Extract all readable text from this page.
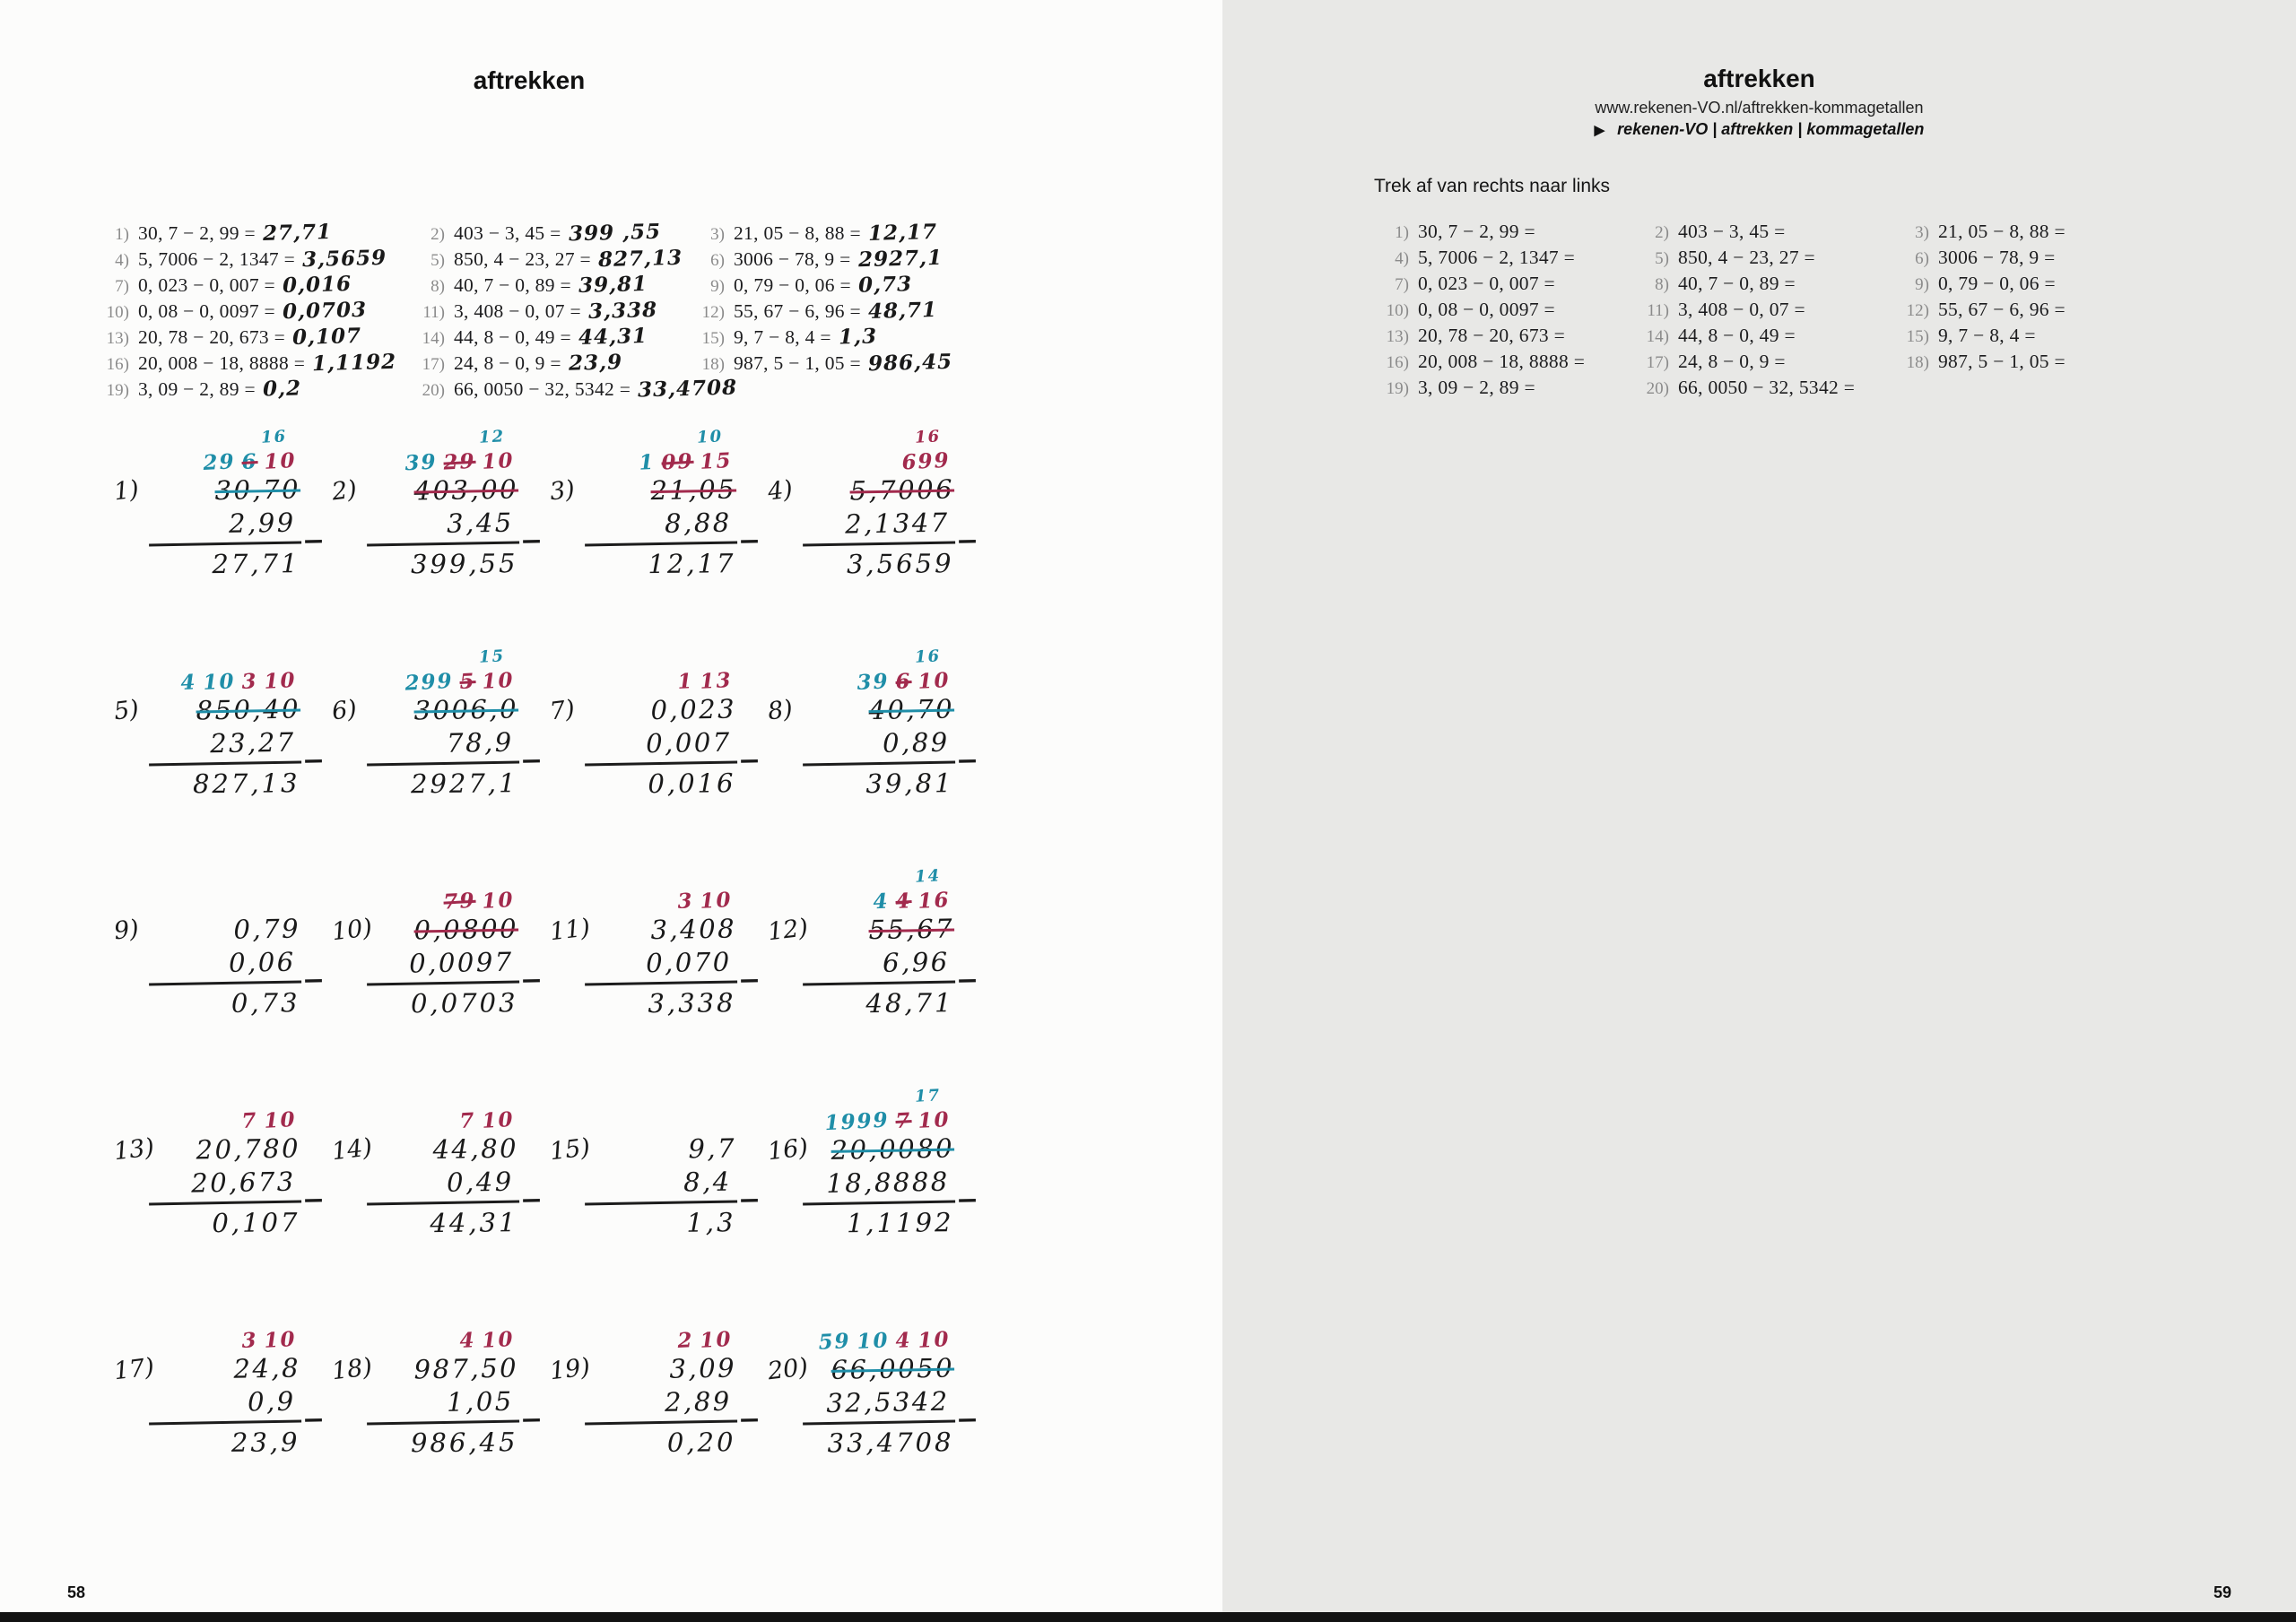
aftrekken
1) 30, 7 − 2, 99 = 27,71	2) 403 − 3, 45 = 399 ,55	3) 21, 05 − 8, 88 = 12,17
4) 5, 7006 − 2, 1347 = 3,5659	5) 850, 4 − 23, 27 = 827,13	6) 3006 − 78, 9 = 2927,1
7) 0, 023 − 0, 007 = 0,016	8) 40, 7 − 0, 89 = 39,81	9) 0, 79 − 0, 06 = 0,73
10) 0, 08 − 0, 0097 = 0,0703	11) 3, 408 − 0, 07 = 3,338	12) 55, 67 − 6, 96 = 48,71
13) 20, 78 − 20, 673 = 0,107	14) 44, 8 − 0, 49 = 44,31	15) 9, 7 − 8, 4 = 1,3
16) 20, 008 − 18, 8888 = 1,1192	17) 24, 8 − 0, 9 = 23,9	18) 987, 5 − 1, 05 = 986,45
19) 3, 09 − 2, 89 = 0,2	20) 66, 0050 − 32, 5342 = 33,4708
1)
16
29 6 10
30,70
2,99
−
27,71
2)
12
39 29 10
403,00
3,45
−
399,55
3)
10
1 09 15
21,05
8,88
−
12,17
4)
16
699
5,7006
2,1347
−
3,5659
5)
4 10 3 10
850,40
23,27
−
827,13
6)
15
299 5 10
3006,0
78,9
−
2927,1
7)
1 13
0,023
0,007
−
0,016
8)
16
39 6 10
40,70
0,89
−
39,81
9)	0,79
0,06
−
0,73
10)
79 10
0,0800
0,0097
−
0,0703
11)
3 10
3,408
0,070
−
3,338
12)
14
4 4 16
55,67
6,96
−
48,71
13)
7 10
20,780
20,673
−
0,107
14)
7 10
44,80
0,49
−
44,31
15)	9,7
8,4
−
1,3
16)
17
1999 7 10
20,0080
18,8888
−
1,1192
17)
3 10
24,8
0,9
−
23,9
18)
4 10
987,50
1,05
−
986,45
19)
2 10
3,09
2,89
−
0,20
20)
59 10 4 10
66,0050
32,5342
−
33,4708
58
aftrekken
www.rekenen-VO.nl/aftrekken-kommagetallen
▶ rekenen-VO | aftrekken | kommagetallen
Trek af van rechts naar links
1) 30, 7 − 2, 99 =	2) 403 − 3, 45 =	3) 21, 05 − 8, 88 =
4) 5, 7006 − 2, 1347 =	5) 850, 4 − 23, 27 =	6) 3006 − 78, 9 =
7) 0, 023 − 0, 007 =	8) 40, 7 − 0, 89 =	9) 0, 79 − 0, 06 =
10) 0, 08 − 0, 0097 =	11) 3, 408 − 0, 07 =	12) 55, 67 − 6, 96 =
13) 20, 78 − 20, 673 =	14) 44, 8 − 0, 49 =	15) 9, 7 − 8, 4 =
16) 20, 008 − 18, 8888 =	17) 24, 8 − 0, 9 =	18) 987, 5 − 1, 05 =
19) 3, 09 − 2, 89 =	20) 66, 0050 − 32, 5342 =
59
